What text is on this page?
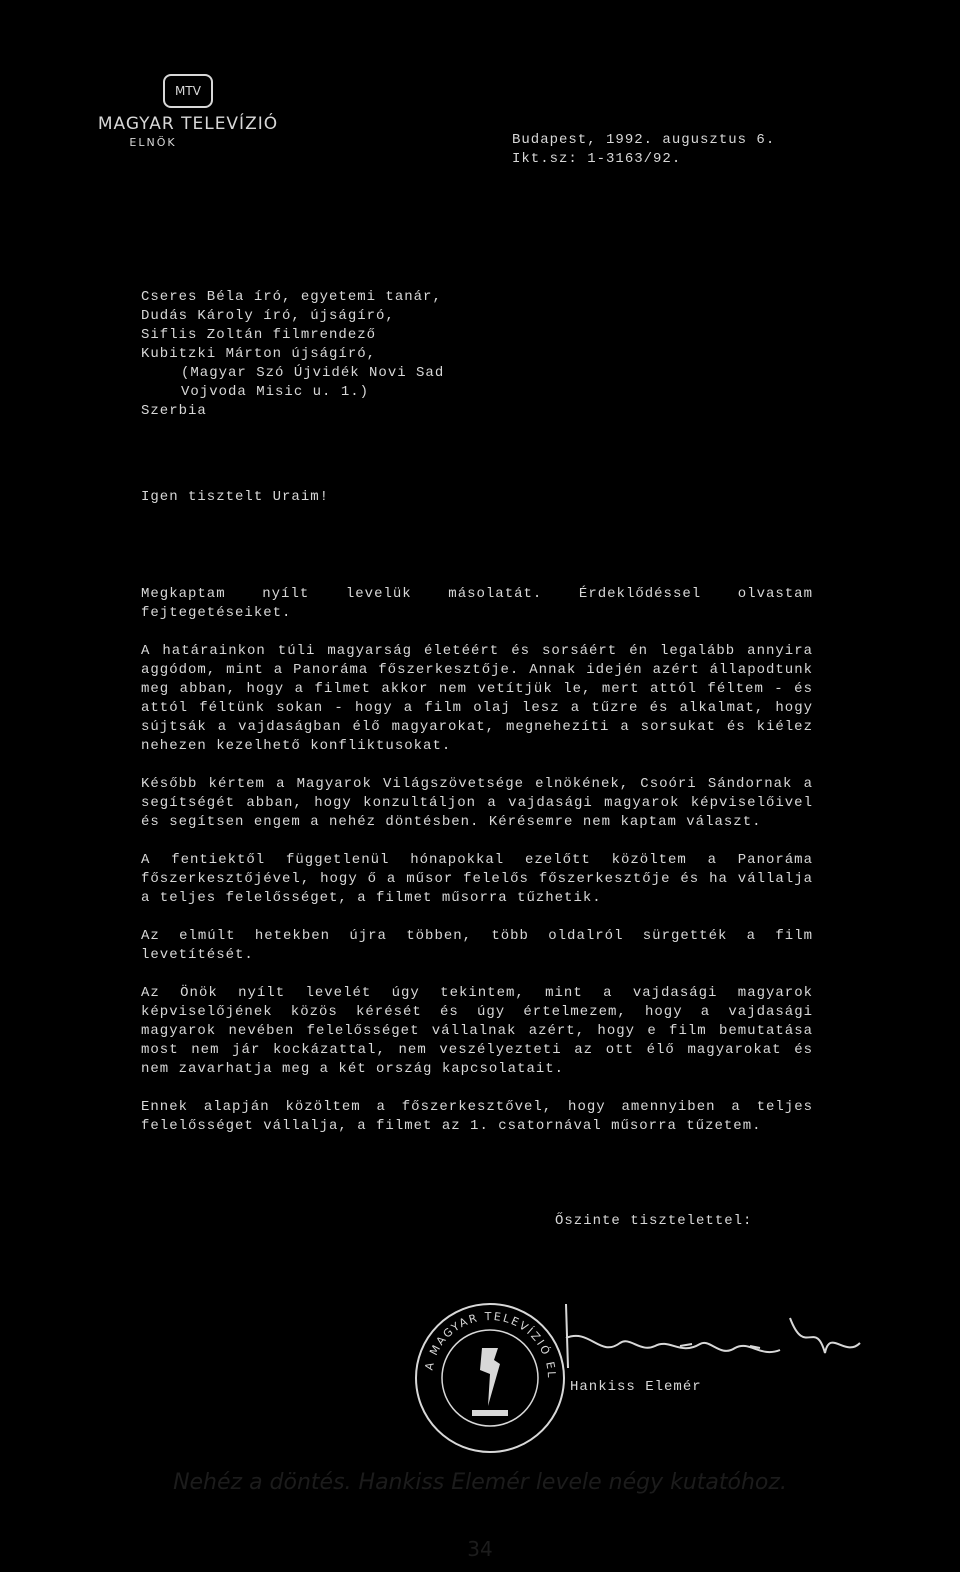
MTV
MAGYAR TELEVÍZIÓ
ELNÖK	Budapest, 1992. augusztus 6.
Ikt.sz: 1-3163/92.
Cseres Béla író, egyetemi tanár,
Dudás Károly író, újságíró,
Siflis Zoltán filmrendező
Kubitzki Márton újságíró,
(Magyar Szó Újvidék Novi Sad
Vojvoda Misic u. 1.)
Szerbia
Igen tisztelt Uraim!

Megkaptam nyílt levelük másolatát. Érdeklődéssel olvastam fejtegetéseiket.

A határainkon túli magyarság életéért és sorsáért én legalább annyira aggódom, mint a Panoráma főszerkesztője. Annak idején azért állapodtunk meg abban, hogy a filmet akkor nem vetítjük le, mert attól féltem - és attól féltünk sokan - hogy a film olaj lesz a tűzre és alkalmat, hogy sújtsák a vajdaságban élő magyarokat, megnehezíti a sorsukat és kiélez nehezen kezelhető konfliktusokat.

Később kértem a Magyarok Világszövetsége elnökének, Csoóri Sándornak a segítségét abban, hogy konzultáljon a vajdasági magyarok képviselőivel és segítsen engem a nehéz döntésben. Kérésemre nem kaptam választ.

A fentiektől függetlenül hónapokkal ezelőtt közöltem a Panoráma főszerkesztőjével, hogy ő a műsor felelős főszerkesztője és ha vállalja a teljes felelősséget, a filmet műsorra tűzhetik.

Az elmúlt hetekben újra többen, több oldalról sürgették a film levetítését.

Az Önök nyílt levelét úgy tekintem, mint a vajdasági magyarok képviselőjének közös kérését és úgy értelmezem, hogy a vajdasági magyarok nevében felelősséget vállalnak azért, hogy e film bemutatása most nem jár kockázattal, nem veszélyezteti az ott élő magyarokat és nem zavarhatja meg a két ország kapcsolatait.

Ennek alapján közöltem a főszerkesztővel, hogy amennyiben a teljes felelősséget vállalja, a filmet az 1. csatornával műsorra tűzetem.

Őszinte tisztelettel:
A MAGYAR TELEVÍZIÓ EL
Hankiss Elemér
Nehéz a döntés. Hankiss Elemér levele négy kutatóhoz.
34
